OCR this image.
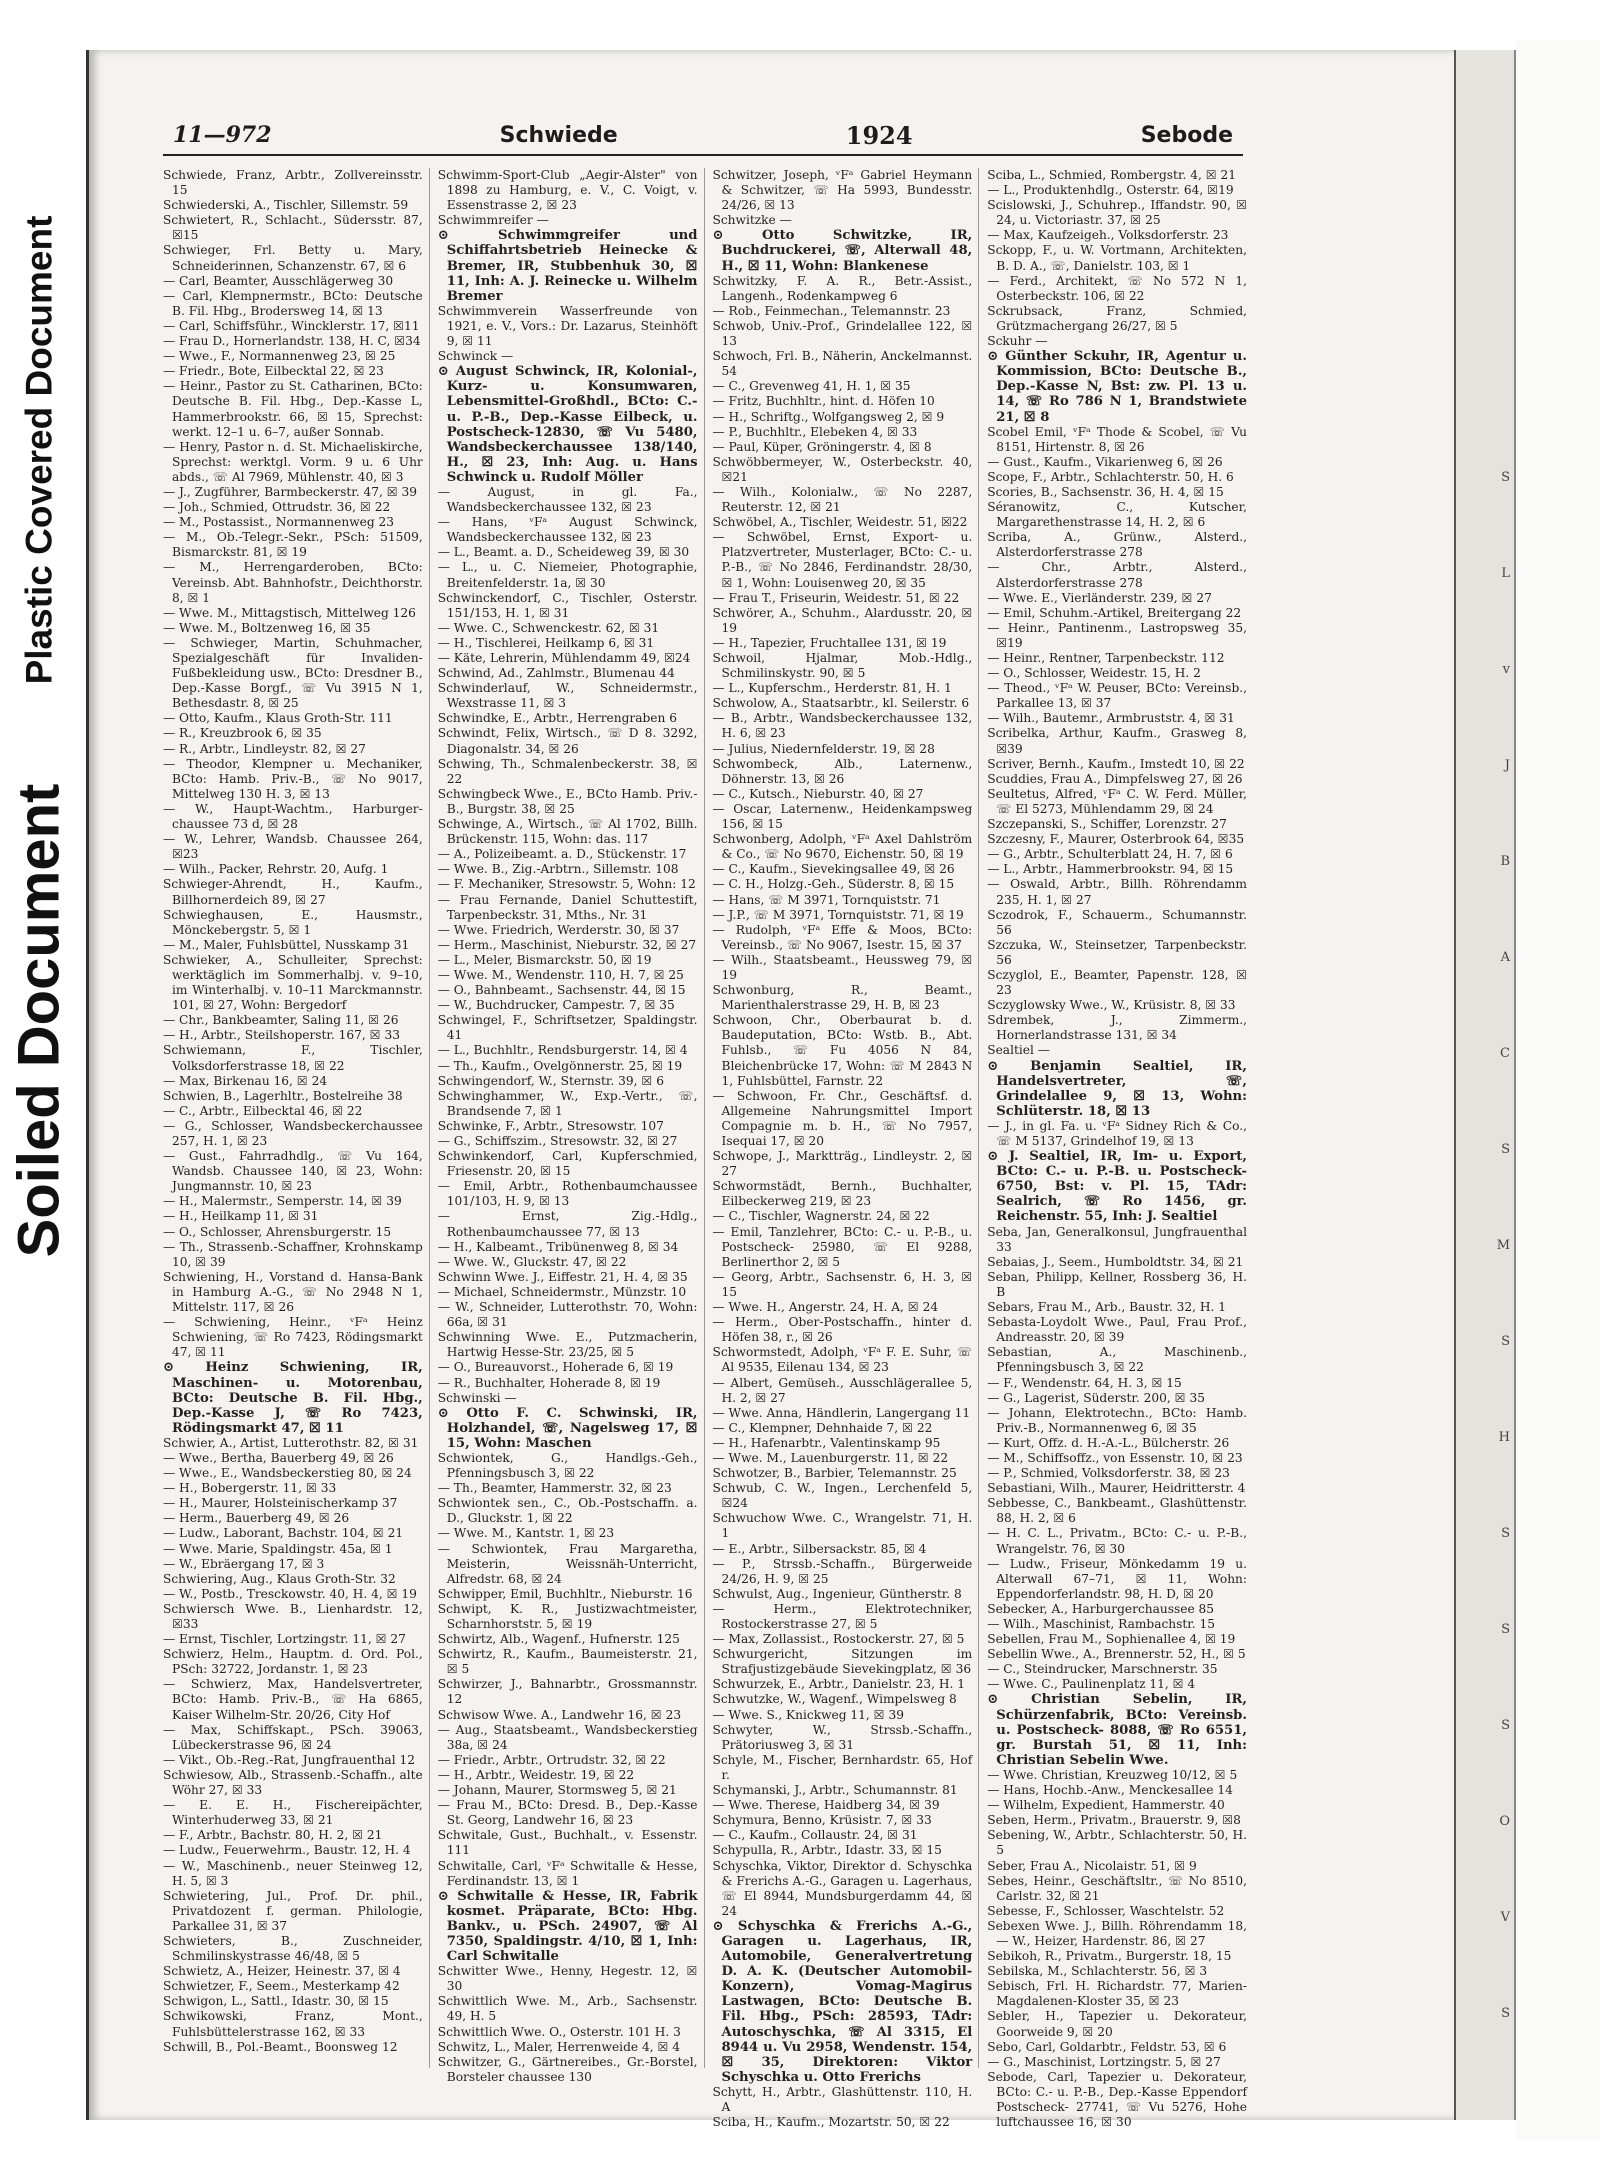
Plastic Covered Document
Soiled Document
11—972	Schwiede	1924	Sebode

Schwiede, Franz, Arbtr., Zollvereinsstr. 15

Schwiederski, A., Tischler, Sillemstr. 59

Schwietert, R., Schlacht., Südersstr. 87, ☒15

Schwieger, Frl. Betty u. Mary, Schneiderinnen, Schanzenstr. 67, ☒ 6

— Carl, Beamter, Ausschlägerweg 30

— Carl, Klempnermstr., BCto: Deutsche B. Fil. Hbg., Brodersweg 14, ☒ 13

— Carl, Schiffsführ., Wincklerstr. 17, ☒11

— Frau D., Hornerlandstr. 138, H. C, ☒34

— Wwe., F., Normannenweg 23, ☒ 25

— Friedr., Bote, Eilbecktal 22, ☒ 23

— Heinr., Pastor zu St. Catharinen, BCto: Deutsche B. Fil. Hbg., Dep.-Kasse L, Hammerbrookstr. 66, ☒ 15, Sprechst: werkt. 12–1 u. 6–7, außer Sonnab.

— Henry, Pastor n. d. St. Michaeliskirche, Sprechst: werktgl. Vorm. 9 u. 6 Uhr abds., ☏ Al 7969, Mühlenstr. 40, ☒ 3

— J., Zugführer, Barmbeckerstr. 47, ☒ 39

— Joh., Schmied, Ottrudstr. 36, ☒ 22

— M., Postassist., Normannenweg 23

— M., Ob.-Telegr.-Sekr., PSch: 51509, Bismarckstr. 81, ☒ 19

— M., Herrengarderoben, BCto: Vereinsb. Abt. Bahnhofstr., Deichthorstr. 8, ☒ 1

— Wwe. M., Mittagstisch, Mittelweg 126

— Wwe. M., Boltzenweg 16, ☒ 35

— Schwieger, Martin, Schuhmacher, Spezialgeschäft für Invaliden-Fußbekleidung usw., BCto: Dresdner B., Dep.-Kasse Borgf., ☏ Vu 3915 N 1, Bethesdastr. 8, ☒ 25

— Otto, Kaufm., Klaus Groth-Str. 111

— R., Kreuzbrook 6, ☒ 35

— R., Arbtr., Lindleystr. 82, ☒ 27

— Theodor, Klempner u. Mechaniker, BCto: Hamb. Priv.-B., ☏ No 9017, Mittelweg 130 H. 3, ☒ 13

— W., Haupt-Wachtm., Harburger-chaussee 73 d, ☒ 28

— W., Lehrer, Wandsb. Chaussee 264, ☒23

— Wilh., Packer, Rehrstr. 20, Aufg. 1

Schwieger-Ahrendt, H., Kaufm., Billhornerdeich 89, ☒ 27

Schwieghausen, E., Hausmstr., Mönckebergstr. 5, ☒ 1

— M., Maler, Fuhlsbüttel, Nusskamp 31

Schwieker, A., Schulleiter, Sprechst: werktäglich im Sommerhalbj. v. 9–10, im Winterhalbj. v. 10–11 Marckmannstr. 101, ☒ 27, Wohn: Bergedorf

— Chr., Bankbeamter, Saling 11, ☒ 26

— H., Arbtr., Steilshoperstr. 167, ☒ 33

Schwiemann, F., Tischler, Volksdorferstrasse 18, ☒ 22

— Max, Birkenau 16, ☒ 24

Schwien, B., Lagerhltr., Bostelreihe 38

— C., Arbtr., Eilbecktal 46, ☒ 22

— G., Schlosser, Wandsbeckerchaussee 257, H. 1, ☒ 23

— Gust., Fahrradhdlg., ☏ Vu 164, Wandsb. Chaussee 140, ☒ 23, Wohn: Jungmannstr. 10, ☒ 23

— H., Malermstr., Semperstr. 14, ☒ 39

— H., Heilkamp 11, ☒ 31

— O., Schlosser, Ahrensburgerstr. 15

— Th., Strassenb.-Schaffner, Krohnskamp 10, ☒ 39

Schwiening, H., Vorstand d. Hansa-Bank in Hamburg A.-G., ☏ No 2948 N 1, Mittelstr. 117, ☒ 26

— Schwiening, Heinr., ᵛFᵃ Heinz Schwiening, ☏ Ro 7423, Rödingsmarkt 47, ☒ 11

⊙ Heinz Schwiening, IR, Maschinen- u. Motorenbau, BCto: Deutsche B. Fil. Hbg., Dep.-Kasse J, ☏ Ro 7423, Rödingsmarkt 47, ☒ 11

Schwier, A., Artist, Lutterothstr. 82, ☒ 31

— Wwe., Bertha, Bauerberg 49, ☒ 26

— Wwe., E., Wandsbeckerstieg 80, ☒ 24

— H., Bobergerstr. 11, ☒ 33

— H., Maurer, Holsteinischerkamp 37

— Herm., Bauerberg 49, ☒ 26

— Ludw., Laborant, Bachstr. 104, ☒ 21

— Wwe. Marie, Spaldingstr. 45a, ☒ 1

— W., Ebräergang 17, ☒ 3

Schwiering, Aug., Klaus Groth-Str. 32

— W., Postb., Tresckowstr. 40, H. 4, ☒ 19

Schwiersch Wwe. B., Lienhardstr. 12, ☒33

— Ernst, Tischler, Lortzingstr. 11, ☒ 27

Schwierz, Helm., Hauptm. d. Ord. Pol., PSch: 32722, Jordanstr. 1, ☒ 23

— Schwierz, Max, Handelsvertreter, BCto: Hamb. Priv.-B., ☏ Ha 6865, Kaiser Wilhelm-Str. 20/26, City Hof

— Max, Schiffskapt., PSch. 39063, Lübeckerstrasse 96, ☒ 24

— Vikt., Ob.-Reg.-Rat, Jungfrauenthal 12

Schwiesow, Alb., Strassenb.-Schaffn., alte Wöhr 27, ☒ 33

— E. E. H., Fischereipächter, Winterhuderweg 33, ☒ 21

— F., Arbtr., Bachstr. 80, H. 2, ☒ 21

— Ludw., Feuerwehrm., Baustr. 12, H. 4

— W., Maschinenb., neuer Steinweg 12, H. 5, ☒ 3

Schwietering, Jul., Prof. Dr. phil., Privatdozent f. german. Philologie, Parkallee 31, ☒ 37

Schwieters, B., Zuschneider, Schmilinskystrasse 46/48, ☒ 5

Schwietz, A., Heizer, Heinestr. 37, ☒ 4

Schwietzer, F., Seem., Mesterkamp 42

Schwigon, L., Sattl., Idastr. 30, ☒ 15

Schwikowski, Franz, Mont., Fuhlsbüttelerstrasse 162, ☒ 33

Schwill, B., Pol.-Beamt., Boonsweg 12

Schwimm-Sport-Club „Aegir-Alster" von 1898 zu Hamburg, e. V., C. Voigt, v. Essenstrasse 2, ☒ 23

Schwimmreifer —

⊙ Schwimmgreifer und Schiffahrtsbetrieb Heinecke & Bremer, IR, Stubbenhuk 30, ☒ 11, Inh: A. J. Reinecke u. Wilhelm Bremer

Schwimmverein Wasserfreunde von 1921, e. V., Vors.: Dr. Lazarus, Steinhöft 9, ☒ 11

Schwinck —

⊙ August Schwinck, IR, Kolonial-, Kurz- u. Konsumwaren, Lebensmittel-Großhdl., BCto: C.- u. P.-B., Dep.-Kasse Eilbeck, u. Postscheck-12830, ☏ Vu 5480, Wandsbeckerchaussee 138/140, H., ☒ 23, Inh: Aug. u. Hans Schwinck u. Rudolf Möller

— August, in gl. Fa., Wandsbeckerchaussee 132, ☒ 23

— Hans, ᵛFᵃ August Schwinck, Wandsbeckerchaussee 132, ☒ 23

— L., Beamt. a. D., Scheideweg 39, ☒ 30

— L., u. C. Niemeier, Photographie, Breitenfelderstr. 1a, ☒ 30

Schwinckendorf, C., Tischler, Osterstr. 151/153, H. 1, ☒ 31

— Wwe. C., Schwenckestr. 62, ☒ 31

— H., Tischlerei, Heilkamp 6, ☒ 31

— Käte, Lehrerin, Mühlendamm 49, ☒24

Schwind, Ad., Zahlmstr., Blumenau 44

Schwinderlauf, W., Schneidermstr., Wexstrasse 11, ☒ 3

Schwindke, E., Arbtr., Herrengraben 6

Schwindt, Felix, Wirtsch., ☏ D 8. 3292, Diagonalstr. 34, ☒ 26

Schwing, Th., Schmalenbeckerstr. 38, ☒ 22

Schwingbeck Wwe., E., BCto Hamb. Priv.-B., Burgstr. 38, ☒ 25

Schwinge, A., Wirtsch., ☏ Al 1702, Billh. Brückenstr. 115, Wohn: das. 117

— A., Polizeibeamt. a. D., Stückenstr. 17

— Wwe. B., Zig.-Arbtrn., Sillemstr. 108

— F. Mechaniker, Stresowstr. 5, Wohn: 12

— Frau Fernande, Daniel Schuttestift, Tarpenbeckstr. 31, Mths., Nr. 31

— Wwe. Friedrich, Werderstr. 30, ☒ 37

— Herm., Maschinist, Nieburstr. 32, ☒ 27

— L., Meler, Bismarckstr. 50, ☒ 19

— Wwe. M., Wendenstr. 110, H. 7, ☒ 25

— O., Bahnbeamt., Sachsenstr. 44, ☒ 15

— W., Buchdrucker, Campestr. 7, ☒ 35

Schwingel, F., Schriftsetzer, Spaldingstr. 41

— L., Buchhltr., Rendsburgerstr. 14, ☒ 4

— Th., Kaufm., Ovelgönnerstr. 25, ☒ 19

Schwingendorf, W., Sternstr. 39, ☒ 6

Schwinghammer, W., Exp.-Vertr., ☏, Brandsende 7, ☒ 1

Schwinke, F., Arbtr., Stresowstr. 107

— G., Schiffszim., Stresowstr. 32, ☒ 27

Schwinkendorf, Carl, Kupferschmied, Friesenstr. 20, ☒ 15

— Emil, Arbtr., Rothenbaumchaussee 101/103, H. 9, ☒ 13

— Ernst, Zig.-Hdlg., Rothenbaumchaussee 77, ☒ 13

— H., Kalbeamt., Tribünenweg 8, ☒ 34

— Wwe. W., Gluckstr. 47, ☒ 22

Schwinn Wwe. J., Eiffestr. 21, H. 4, ☒ 35

— Michael, Schneidermstr., Münzstr. 10

— W., Schneider, Lutterothstr. 70, Wohn: 66a, ☒ 31

Schwinning Wwe. E., Putzmacherin, Hartwig Hesse-Str. 23/25, ☒ 5

— O., Bureauvorst., Hoherade 6, ☒ 19

— R., Buchhalter, Hoherade 8, ☒ 19

Schwinski —

⊙ Otto F. C. Schwinski, IR, Holzhandel, ☏, Nagelsweg 17, ☒ 15, Wohn: Maschen

Schwiontek, G., Handlgs.-Geh., Pfenningsbusch 3, ☒ 22

— Th., Beamter, Hammerstr. 32, ☒ 23

Schwiontek sen., C., Ob.-Postschaffn. a. D., Gluckstr. 1, ☒ 22

— Wwe. M., Kantstr. 1, ☒ 23

— Schwiontek, Frau Margaretha, Meisterin, Weissnäh-Unterricht, Alfredstr. 68, ☒ 24

Schwipper, Emil, Buchhltr., Nieburstr. 16

Schwipt, K. R., Justizwachtmeister, Scharnhorststr. 5, ☒ 19

Schwirtz, Alb., Wagenf., Hufnerstr. 125

Schwirtz, R., Kaufm., Baumeisterstr. 21, ☒ 5

Schwirzer, J., Bahnarbtr., Grossmannstr. 12

Schwisow Wwe. A., Landwehr 16, ☒ 23

— Aug., Staatsbeamt., Wandsbeckerstieg 38a, ☒ 24

— Friedr., Arbtr., Ortrudstr. 32, ☒ 22

— H., Arbtr., Weidestr. 19, ☒ 22

— Johann, Maurer, Stormsweg 5, ☒ 21

— Frau M., BCto: Dresd. B., Dep.-Kasse St. Georg, Landwehr 16, ☒ 23

Schwitale, Gust., Buchhalt., v. Essenstr. 111

Schwitalle, Carl, ᵛFᵃ Schwitalle & Hesse, Ferdinandstr. 13, ☒ 1

⊙ Schwitalle & Hesse, IR, Fabrik kosmet. Präparate, BCto: Hbg. Bankv., u. PSch. 24907, ☏ Al 7350, Spaldingstr. 4/10, ☒ 1, Inh: Carl Schwitalle

Schwitter Wwe., Henny, Hegestr. 12, ☒ 30

Schwittlich Wwe. M., Arb., Sachsenstr. 49, H. 5

Schwittlich Wwe. O., Osterstr. 101 H. 3

Schwitz, L., Maler, Herrenweide 4, ☒ 4

Schwitzer, G., Gärtnereibes., Gr.-Borstel, Borsteler chaussee 130

Schwitzer, Joseph, ᵛFᵃ Gabriel Heymann & Schwitzer, ☏ Ha 5993, Bundesstr. 24/26, ☒ 13

Schwitzke —

⊙ Otto Schwitzke, IR, Buchdruckerei, ☏, Alterwall 48, H., ☒ 11, Wohn: Blankenese

Schwitzky, F. A. R., Betr.-Assist., Langenh., Rodenkampweg 6

— Rob., Feinmechan., Telemannstr. 23

Schwob, Univ.-Prof., Grindelallee 122, ☒ 13

Schwoch, Frl. B., Näherin, Anckelmannst. 54

— C., Grevenweg 41, H. 1, ☒ 35

— Fritz, Buchhltr., hint. d. Höfen 10

— H., Schriftg., Wolfgangsweg 2, ☒ 9

— P., Buchhltr., Elebeken 4, ☒ 33

— Paul, Küper, Gröningerstr. 4, ☒ 8

Schwöbbermeyer, W., Osterbeckstr. 40, ☒21

— Wilh., Kolonialw., ☏ No 2287, Reuterstr. 12, ☒ 21

Schwöbel, A., Tischler, Weidestr. 51, ☒22

— Schwöbel, Ernst, Export- u. Platzvertreter, Musterlager, BCto: C.- u. P.-B., ☏ No 2846, Ferdinandstr. 28/30, ☒ 1, Wohn: Louisenweg 20, ☒ 35

— Frau T., Friseurin, Weidestr. 51, ☒ 22

Schwörer, A., Schuhm., Alardusstr. 20, ☒ 19

— H., Tapezier, Fruchtallee 131, ☒ 19

Schwoil, Hjalmar, Mob.-Hdlg., Schmilinskystr. 90, ☒ 5

— L., Kupferschm., Herderstr. 81, H. 1

Schwolow, A., Staatsarbtr., kl. Seilerstr. 6

— B., Arbtr., Wandsbeckerchaussee 132, H. 6, ☒ 23

— Julius, Niedernfelderstr. 19, ☒ 28

Schwombeck, Alb., Laternenw., Döhnerstr. 13, ☒ 26

— C., Kutsch., Nieburstr. 40, ☒ 27

— Oscar, Laternenw., Heidenkampsweg 156, ☒ 15

Schwonberg, Adolph, ᵛFᵃ Axel Dahlström & Co., ☏ No 9670, Eichenstr. 50, ☒ 19

— C., Kaufm., Sievekingsallee 49, ☒ 26

— C. H., Holzg.-Geh., Süderstr. 8, ☒ 15

— Hans, ☏ M 3971, Tornquiststr. 71

— J.P., ☏ M 3971, Tornquiststr. 71, ☒ 19

— Rudolph, ᵛFᵃ Effe & Moos, BCto: Vereinsb., ☏ No 9067, Isestr. 15, ☒ 37

— Wilh., Staatsbeamt., Heussweg 79, ☒ 19

Schwonburg, R., Beamt., Marienthalerstrasse 29, H. B, ☒ 23

Schwoon, Chr., Oberbaurat b. d. Baudeputation, BCto: Wstb. B., Abt. Fuhlsb., ☏ Fu 4056 N 84, Bleichenbrücke 17, Wohn: ☏ M 2843 N 1, Fuhlsbüttel, Farnstr. 22

— Schwoon, Fr. Chr., Geschäftsf. d. Allgemeine Nahrungsmittel Import Compagnie m. b. H., ☏ No 7957, Isequai 17, ☒ 20

Schwope, J., Marktträg., Lindleystr. 2, ☒ 27

Schwormstädt, Bernh., Buchhalter, Eilbeckerweg 219, ☒ 23

— C., Tischler, Wagnerstr. 24, ☒ 22

— Emil, Tanzlehrer, BCto: C.- u. P.-B., u. Postscheck- 25980, ☏ El 9288, Berlinerthor 2, ☒ 5

— Georg, Arbtr., Sachsenstr. 6, H. 3, ☒ 15

— Wwe. H., Angerstr. 24, H. A, ☒ 24

— Herm., Ober-Postschaffn., hinter d. Höfen 38, r., ☒ 26

Schwormstedt, Adolph, ᵛFᵃ F. E. Suhr, ☏ Al 9535, Eilenau 134, ☒ 23

— Albert, Gemüseh., Ausschlägerallee 5, H. 2, ☒ 27

— Wwe. Anna, Händlerin, Langergang 11

— C., Klempner, Dehnhaide 7, ☒ 22

— H., Hafenarbtr., Valentinskamp 95

— Wwe. M., Lauenburgerstr. 11, ☒ 22

Schwotzer, B., Barbier, Telemannstr. 25

Schwub, C. W., Ingen., Lerchenfeld 5, ☒24

Schwuchow Wwe. C., Wrangelstr. 71, H. 1

— E., Arbtr., Silbersackstr. 85, ☒ 4

— P., Strssb.-Schaffn., Bürgerweide 24/26, H. 9, ☒ 25

Schwulst, Aug., Ingenieur, Güntherstr. 8

— Herm., Elektrotechniker, Rostockerstrasse 27, ☒ 5

— Max, Zollassist., Rostockerstr. 27, ☒ 5

Schwurgericht, Sitzungen im Strafjustizgebäude Sievekingplatz, ☒ 36

Schwurzek, E., Arbtr., Danielstr. 23, H. 1

Schwutzke, W., Wagenf., Wimpelsweg 8

— Wwe. S., Knickweg 11, ☒ 39

Schwyter, W., Strssb.-Schaffn., Prätoriusweg 3, ☒ 31

Schyle, M., Fischer, Bernhardstr. 65, Hof r.

Schymanski, J., Arbtr., Schumannstr. 81

— Wwe. Therese, Haidberg 34, ☒ 39

Schymura, Benno, Krüsistr. 7, ☒ 33

— C., Kaufm., Collaustr. 24, ☒ 31

Schypulla, R., Arbtr., Idastr. 33, ☒ 15

Schyschka, Viktor, Direktor d. Schyschka & Frerichs A.-G., Garagen u. Lagerhaus, ☏ El 8944, Mundsburgerdamm 44, ☒ 24

⊙ Schyschka & Frerichs A.-G., Garagen u. Lagerhaus, IR, Automobile, Generalvertretung D. A. K. (Deutscher Automobil-Konzern), Vomag-Magirus Lastwagen, BCto: Deutsche B. Fil. Hbg., PSch: 28593, TAdr: Autoschyschka, ☏ Al 3315, El 8944 u. Vu 2958, Wendenstr. 154, ☒ 35, Direktoren: Viktor Schyschka u. Otto Frerichs

Schytt, H., Arbtr., Glashüttenstr. 110, H. A

Sciba, H., Kaufm., Mozartstr. 50, ☒ 22

Sciba, L., Schmied, Rombergstr. 4, ☒ 21

— L., Produktenhdlg., Osterstr. 64, ☒19

Scislowski, J., Schuhrep., Iffandstr. 90, ☒ 24, u. Victoriastr. 37, ☒ 25

— Max, Kaufzeigeh., Volksdorferstr. 23

Sckopp, F., u. W. Vortmann, Architekten, B. D. A., ☏, Danielstr. 103, ☒ 1

— Ferd., Architekt, ☏ No 572 N 1, Osterbeckstr. 106, ☒ 22

Sckrubsack, Franz, Schmied, Grützmachergang 26/27, ☒ 5

Sckuhr —

⊙ Günther Sckuhr, IR, Agentur u. Kommission, BCto: Deutsche B., Dep.-Kasse N, Bst: zw. Pl. 13 u. 14, ☏ Ro 786 N 1, Brandstwiete 21, ☒ 8

Scobel Emil, ᵛFᵃ Thode & Scobel, ☏ Vu 8151, Hirtenstr. 8, ☒ 26

— Gust., Kaufm., Vikarienweg 6, ☒ 26

Scope, F., Arbtr., Schlachterstr. 50, H. 6

Scories, B., Sachsenstr. 36, H. 4, ☒ 15

Séranowitz, C., Kutscher, Margarethenstrasse 14, H. 2, ☒ 6

Scriba, A., Grünw., Alsterd., Alsterdorferstrasse 278

— Chr., Arbtr., Alsterd., Alsterdorferstrasse 278

— Wwe. E., Vierländerstr. 239, ☒ 27

— Emil, Schuhm.-Artikel, Breitergang 22

— Heinr., Pantinenm., Lastropsweg 35, ☒19

— Heinr., Rentner, Tarpenbeckstr. 112

— O., Schlosser, Weidestr. 15, H. 2

— Theod., ᵛFᵃ W. Peuser, BCto: Vereinsb., Parkallee 13, ☒ 37

— Wilh., Bautemr., Armbruststr. 4, ☒ 31

Scribelka, Arthur, Kaufm., Grasweg 8, ☒39

Scriver, Bernh., Kaufm., Imstedt 10, ☒ 22

Scuddies, Frau A., Dimpfelsweg 27, ☒ 26

Seultetus, Alfred, ᵛFᵃ C. W. Ferd. Müller, ☏ El 5273, Mühlendamm 29, ☒ 24

Szczepanski, S., Schiffer, Lorenzstr. 27

Szczesny, F., Maurer, Osterbrook 64, ☒35

— G., Arbtr., Schulterblatt 24, H. 7, ☒ 6

— L., Arbtr., Hammerbrookstr. 94, ☒ 15

— Oswald, Arbtr., Billh. Röhrendamm 235, H. 1, ☒ 27

Sczodrok, F., Schauerm., Schumannstr. 56

Szczuka, W., Steinsetzer, Tarpenbeckstr. 56

Sczyglol, E., Beamter, Papenstr. 128, ☒ 23

Sczyglowsky Wwe., W., Krüsistr. 8, ☒ 33

Sdrembek, J., Zimmerm., Hornerlandstrasse 131, ☒ 34

Sealtiel —

⊙ Benjamin Sealtiel, IR, Handelsvertreter, ☏, Grindelallee 9, ☒ 13, Wohn: Schlüterstr. 18, ☒ 13

— J., in gl. Fa. u. ᵛFᵃ Sidney Rich & Co., ☏ M 5137, Grindelhof 19, ☒ 13

⊙ J. Sealtiel, IR, Im- u. Export, BCto: C.- u. P.-B. u. Postscheck- 6750, Bst: v. Pl. 15, TAdr: Sealrich, ☏ Ro 1456, gr. Reichenstr. 55, Inh: J. Sealtiel

Seba, Jan, Generalkonsul, Jungfrauenthal 33

Sebaias, J., Seem., Humboldtstr. 34, ☒ 21

Seban, Philipp, Kellner, Rossberg 36, H. B

Sebars, Frau M., Arb., Baustr. 32, H. 1

Sebasta-Loydolt Wwe., Paul, Frau Prof., Andreasstr. 20, ☒ 39

Sebastian, A., Maschinenb., Pfenningsbusch 3, ☒ 22

— F., Wendenstr. 64, H. 3, ☒ 15

— G., Lagerist, Süderstr. 200, ☒ 35

— Johann, Elektrotechn., BCto: Hamb. Priv.-B., Normannenweg 6, ☒ 35

— Kurt, Offz. d. H.-A.-L., Bülcherstr. 26

— M., Schiffsoffz., von Essenstr. 10, ☒ 23

— P., Schmied, Volksdorferstr. 38, ☒ 23

Sebastiani, Wilh., Maurer, Heidritterstr. 4

Sebbesse, C., Bankbeamt., Glashüttenstr. 88, H. 2, ☒ 6

— H. C. L., Privatm., BCto: C.- u. P.-B., Wrangelstr. 76, ☒ 30

— Ludw., Friseur, Mönkedamm 19 u. Alterwall 67–71, ☒ 11, Wohn: Eppendorferlandstr. 98, H. D, ☒ 20

Sebecker, A., Harburgerchaussee 85

— Wilh., Maschinist, Rambachstr. 15

Sebellen, Frau M., Sophienallee 4, ☒ 19

Sebellin Wwe., A., Brennerstr. 52, H., ☒ 5

— C., Steindrucker, Marschnerstr. 35

— Wwe. C., Paulinenplatz 11, ☒ 4

⊙ Christian Sebelin, IR, Schürzenfabrik, BCto: Vereinsb. u. Postscheck- 8088, ☏ Ro 6551, gr. Burstah 51, ☒ 11, Inh: Christian Sebelin Wwe.

— Wwe. Christian, Kreuzweg 10/12, ☒ 5

— Hans, Hochb.-Anw., Menckesallee 14

— Wilhelm, Expedient, Hammerstr. 40

Seben, Herm., Privatm., Brauerstr. 9, ☒8

Sebening, W., Arbtr., Schlachterstr. 50, H. 5

Seber, Frau A., Nicolaistr. 51, ☒ 9

Sebes, Heinr., Geschäftsltr., ☏ No 8510, Carlstr. 32, ☒ 21

Sebesse, F., Schlosser, Waschtelstr. 52

Sebexen Wwe. J., Billh. Röhrendamm 18, — W., Heizer, Hardenstr. 86, ☒ 27

Sebikoh, R., Privatm., Burgerstr. 18, 15

Sebilska, M., Schlachterstr. 56, ☒ 3

Sebisch, Frl. H. Richardstr. 77, Marien-Magdalenen-Kloster 35, ☒ 23

Sebler, H., Tapezier u. Dekorateur, Goorweide 9, ☒ 20

Sebo, Carl, Goldarbtr., Feldstr. 53, ☒ 6

— G., Maschinist, Lortzingstr. 5, ☒ 27

Sebode, Carl, Tapezier u. Dekorateur, BCto: C.- u. P.-B., Dep.-Kasse Eppendorf Postscheck- 27741, ☏ Vu 5276, Hohe luftchaussee 16, ☒ 30

S
L
v
J
B
A
C
S
M
S
H
S
S
S
O
V
S
